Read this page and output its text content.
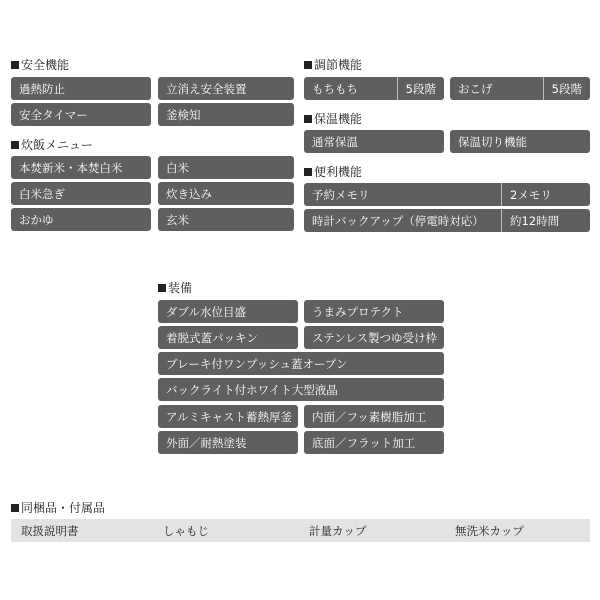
安全機能
過熱防止	立消え安全装置
安全タイマー	釜検知
炊飯メニュー
本焚新米・本焚白米	白米
白米急ぎ	炊き込み
おかゆ	玄米
調節機能
もちもち	5段階	おこげ	5段階
保温機能
通常保温	保温切り機能
便利機能
予約メモリ	2メモリ
時計バックアップ（停電時対応）	約12時間
装備
ダブル水位目盛	うまみプロテクト
着脱式蓋パッキン	ステンレス製つゆ受け枠
ブレーキ付ワンプッシュ蓋オープン
バックライト付ホワイト大型液晶
アルミキャスト蓄熱厚釜	内面／フッ素樹脂加工
外面／耐熱塗装	底面／フラット加工
同梱品・付属品
取扱説明書	しゃもじ	計量カップ	無洗米カップ
